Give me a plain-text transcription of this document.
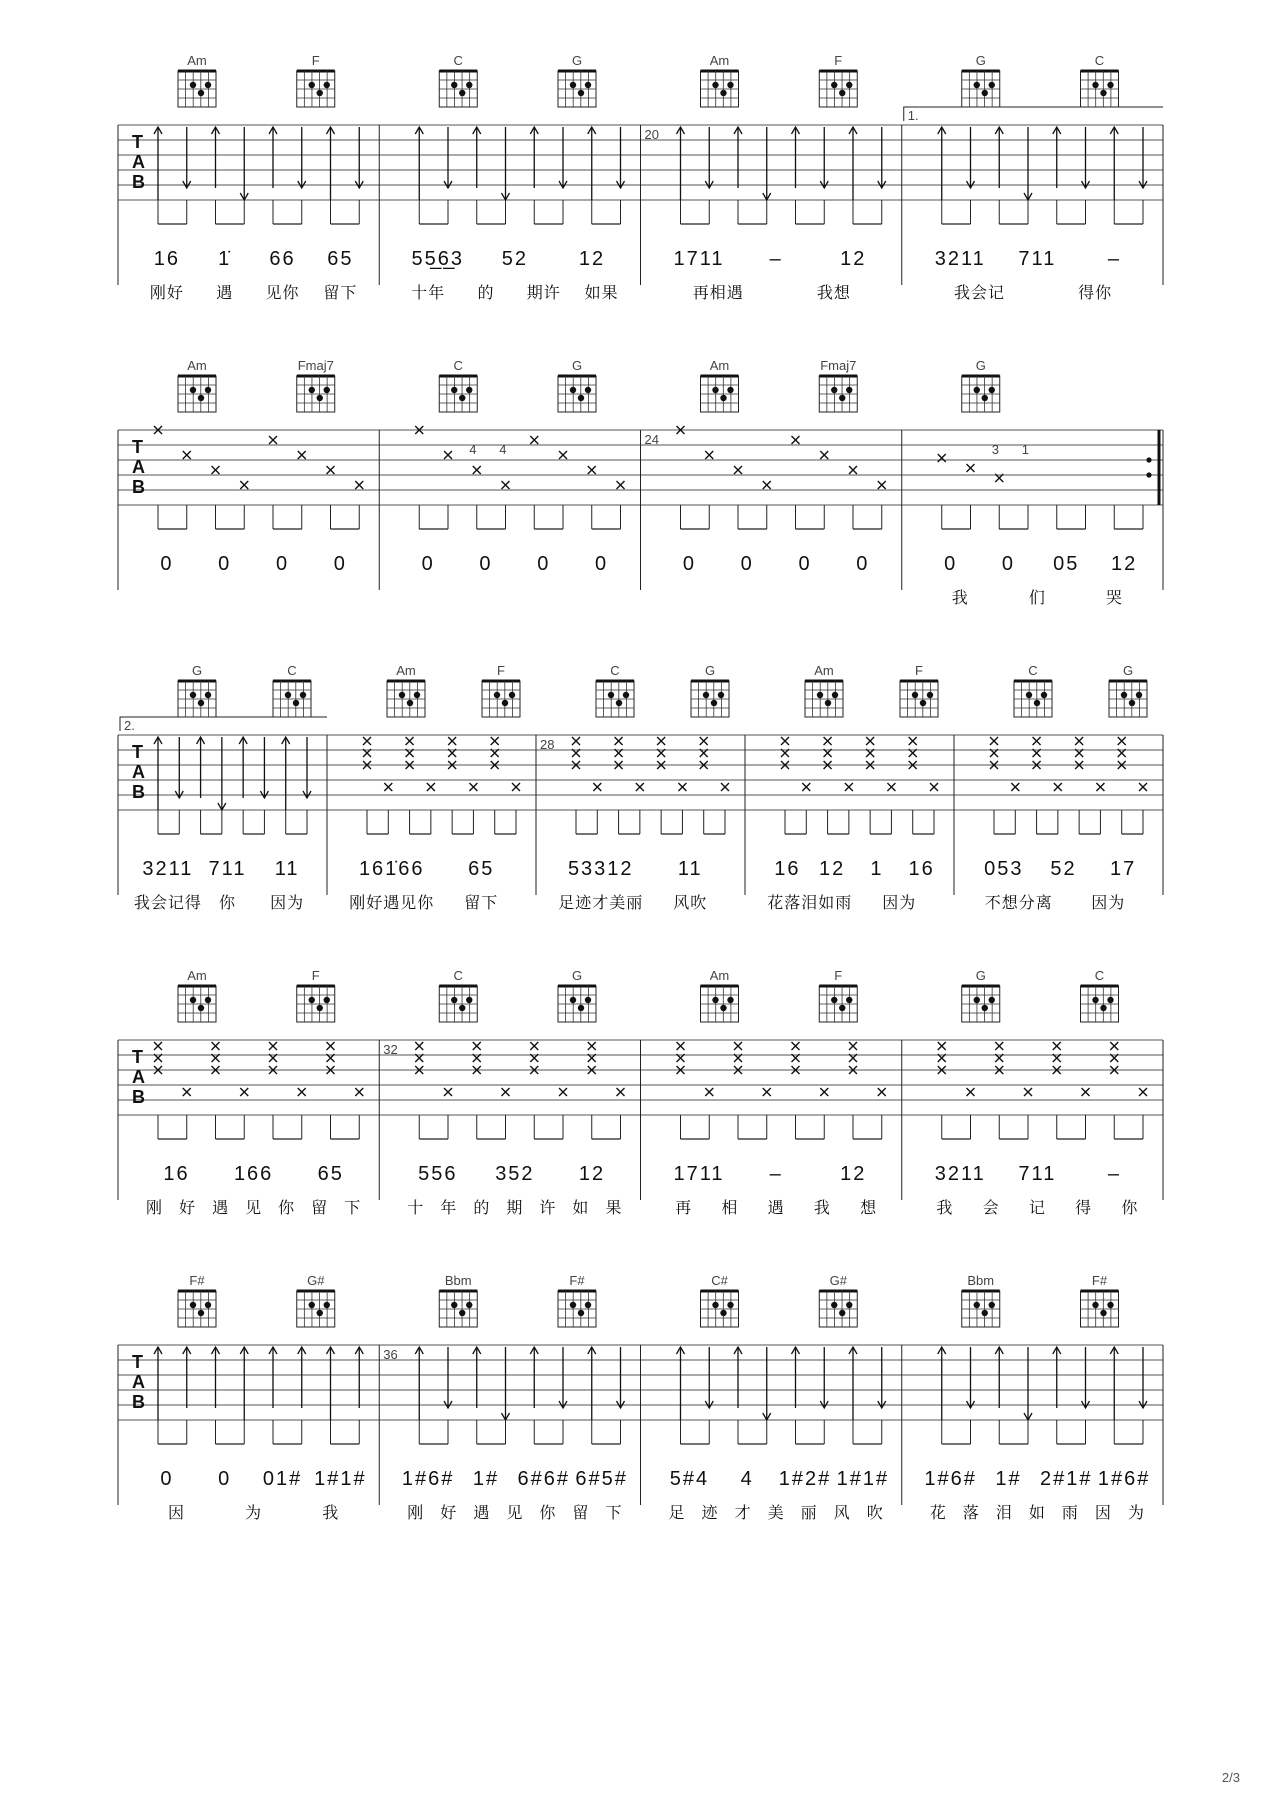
T
A
B
Am	F
16 1̇ 66 65
刚好 遇 见你 留下
C	G
55̲6̲3 52	12
十年 的 期许 如果
20
Am	F
1711 –	12
再相遇	我想
1.
G	C
3211 711	–
我会记	得你
T
A
B
Am	Fmaj7
0 0 0 0
C	G
4 4
0 0 0 0
24
Am	Fmaj7
0 0 0 0
G
3 1
0 0 05 12
我	们	哭
T
A
B
2.
G	C
3211 711 11
我会记得 你 因为
Am	F
161̇66 65
刚好遇见你 留下
28
C	G
53312 11
足迹才美丽 风吹
Am	F
16 12 1 16
花落泪如雨 因为
C	G
053 52 17
不想分离 因为
T
A
B
Am	F
16 166 65
刚 好 遇 见 你 留 下
32
C	G
556 352 12
十 年 的 期 许 如 果
Am	F
1711 –	12
再 相 遇 我 想
G	C
3211 711	–
我 会 记 得 你
T
A
B
F#	G#
0 0 01# 1#1#
因	为	我
36
Bbm	F#
1#6# 1# 6#6# 6#5#
刚 好 遇 见 你 留 下
C#	G#
5#4 4 1#2# 1#1#
足 迹 才 美 丽 风 吹
Bbm	F#
1#6# 1# 2#1# 1#6#
花 落 泪 如 雨 因 为
2/3
